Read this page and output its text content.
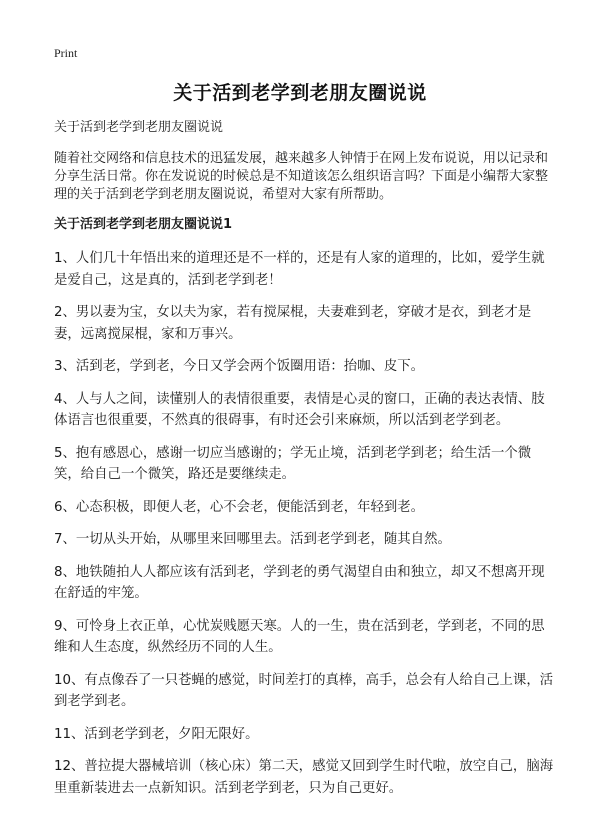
Print
关于活到老学到老朋友圈说说

关于活到老学到老朋友圈说说

随着社交网络和信息技术的迅猛发展，越来越多人钟情于在网上发布说说，用以记录和分享生活日常。你在发说说的时候总是不知道该怎么组织语言吗？下面是小编帮大家整理的关于活到老学到老朋友圈说说，希望对大家有所帮助。

关于活到老学到老朋友圈说说1

1、人们几十年悟出来的道理还是不一样的，还是有人家的道理的，比如，爱学生就是爱自己，这是真的，活到老学到老！

2、男以妻为宝，女以夫为家，若有搅屎棍，夫妻难到老，穿破才是衣，到老才是妻，远离搅屎棍，家和万事兴。

3、活到老，学到老，今日又学会两个饭圈用语：抬咖、皮下。

4、人与人之间，读懂别人的表情很重要，表情是心灵的窗口，正确的表达表情、肢体语言也很重要，不然真的很碍事，有时还会引来麻烦，所以活到老学到老。

5、抱有感恩心，感谢一切应当感谢的；学无止境，活到老学到老；给生活一个微笑，给自己一个微笑，路还是要继续走。

6、心态积极，即便人老，心不会老，便能活到老，年轻到老。

7、一切从头开始，从哪里来回哪里去。活到老学到老，随其自然。

8、地铁随拍人人都应该有活到老，学到老的勇气渴望自由和独立，却又不想离开现在舒适的牢笼。

9、可怜身上衣正单，心忧炭贱愿天寒。人的一生，贵在活到老，学到老，不同的思维和人生态度，纵然经历不同的人生。

10、有点像吞了一只苍蝇的感觉，时间差打的真棒，高手，总会有人给自己上课，活到老学到老。

11、活到老学到老，夕阳无限好。

12、普拉提大器械培训（核心床）第二天，感觉又回到学生时代啦，放空自己，脑海里重新装进去一点新知识。活到老学到老，只为自己更好。
